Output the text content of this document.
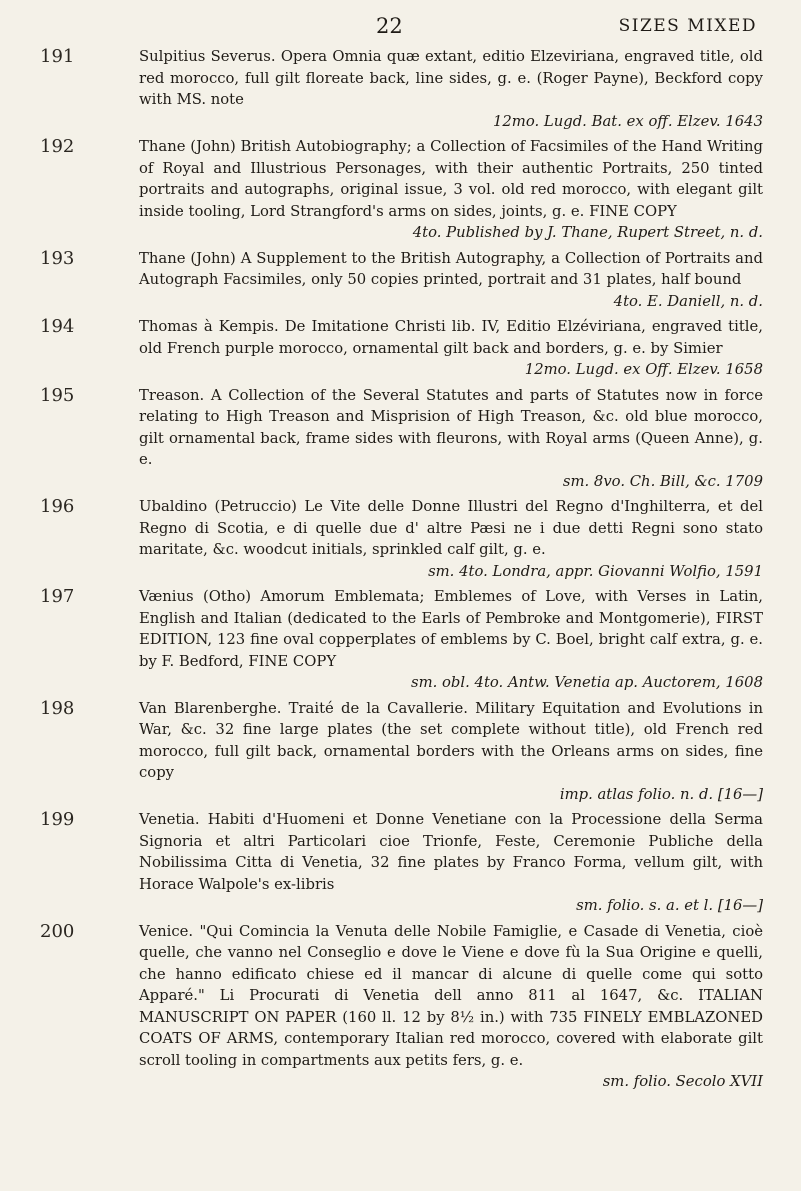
22	SIZES MIXED
191	Sulpitius Severus. Opera Omnia quæ extant, editio Elzeviriana, engraved title, old red morocco, full gilt floreate back, line sides, g. e. (Roger Payne), Beckford copy with MS. note

12mo. Lugd. Bat. ex off. Elzev. 1643
192	Thane (John) British Autobiography; a Collection of Facsimiles of the Hand Writing of Royal and Illustrious Personages, with their authentic Portraits, 250 tinted portraits and autographs, original issue, 3 vol. old red morocco, with elegant gilt inside tooling, Lord Strangford's arms on sides, joints, g. e. FINE COPY

4to. Published by J. Thane, Rupert Street, n. d.
193	Thane (John) A Supplement to the British Autography, a Collection of Portraits and Autograph Facsimiles, only 50 copies printed, portrait and 31 plates, half bound

4to. E. Daniell, n. d.
194	Thomas à Kempis. De Imitatione Christi lib. IV, Editio Elzéviriana, engraved title, old French purple morocco, ornamental gilt back and borders, g. e. by Simier

12mo. Lugd. ex Off. Elzev. 1658
195	Treason. A Collection of the Several Statutes and parts of Statutes now in force relating to High Treason and Misprision of High Treason, &c. old blue morocco, gilt ornamental back, frame sides with fleurons, with Royal arms (Queen Anne), g. e.

sm. 8vo. Ch. Bill, &c. 1709
196	Ubaldino (Petruccio) Le Vite delle Donne Illustri del Regno d'Inghilterra, et del Regno di Scotia, e di quelle due d' altre Pæsi ne i due detti Regni sono stato maritate, &c. woodcut initials, sprinkled calf gilt, g. e.

sm. 4to. Londra, appr. Giovanni Wolfio, 1591
197	Vænius (Otho) Amorum Emblemata; Emblemes of Love, with Verses in Latin, English and Italian (dedicated to the Earls of Pembroke and Montgomerie), FIRST EDITION, 123 fine oval copperplates of emblems by C. Boel, bright calf extra, g. e. by F. Bedford, FINE COPY

sm. obl. 4to. Antw. Venetia ap. Auctorem, 1608
198	Van Blarenberghe. Traité de la Cavallerie. Military Equitation and Evolutions in War, &c. 32 fine large plates (the set complete without title), old French red morocco, full gilt back, ornamental borders with the Orleans arms on sides, fine copy

imp. atlas folio. n. d. [16—]
199	Venetia. Habiti d'Huomeni et Donne Venetiane con la Processione della Serma Signoria et altri Particolari cioe Trionfe, Feste, Ceremonie Publiche della Nobilissima Citta di Venetia, 32 fine plates by Franco Forma, vellum gilt, with Horace Walpole's ex-libris

sm. folio. s. a. et l. [16—]
200	Venice. "Qui Comincia la Venuta delle Nobile Famiglie, e Casade di Venetia, cioè quelle, che vanno nel Conseglio e dove le Viene e dove fù la Sua Origine e quelli, che hanno edificato chiese ed il mancar di alcune di quelle come qui sotto Apparé." Li Procurati di Venetia dell anno 811 al 1647, &c. ITALIAN MANUSCRIPT ON PAPER (160 ll. 12 by 8½ in.) with 735 FINELY EMBLAZONED COATS OF ARMS, contemporary Italian red morocco, covered with elaborate gilt scroll tooling in compartments aux petits fers, g. e.

sm. folio. Secolo XVII
